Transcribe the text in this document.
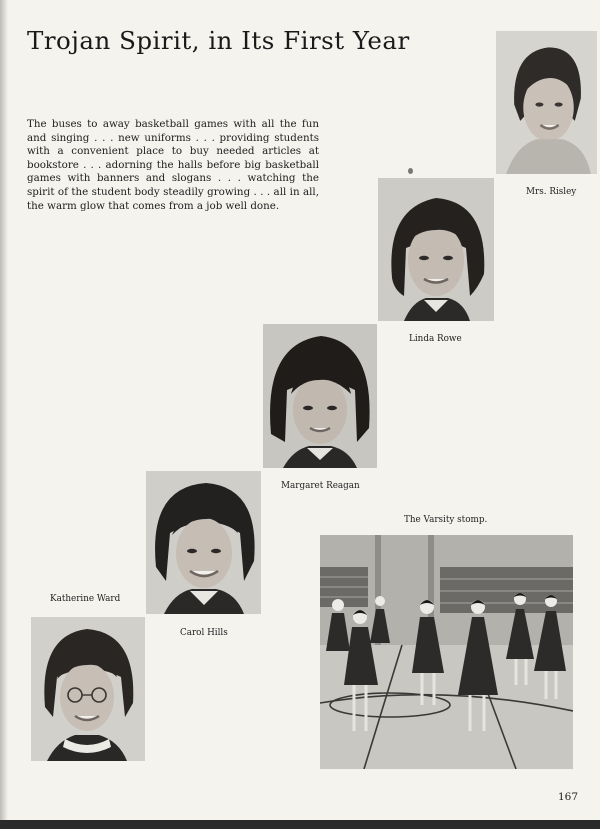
Trojan Spirit, in Its First Year

The buses to away basketball games with all the fun and singing . . . new uniforms . . . providing students with a convenient place to buy needed articles at bookstore . . . adorning the halls before big basketball games with banners and slogans . . . watching the spirit of the student body steadily growing . . . all in all, the warm glow that comes from a job well done.

Mrs. Risley
Linda Rowe
Margaret Reagan
Carol Hills
Katherine Ward
The Varsity stomp.
167
